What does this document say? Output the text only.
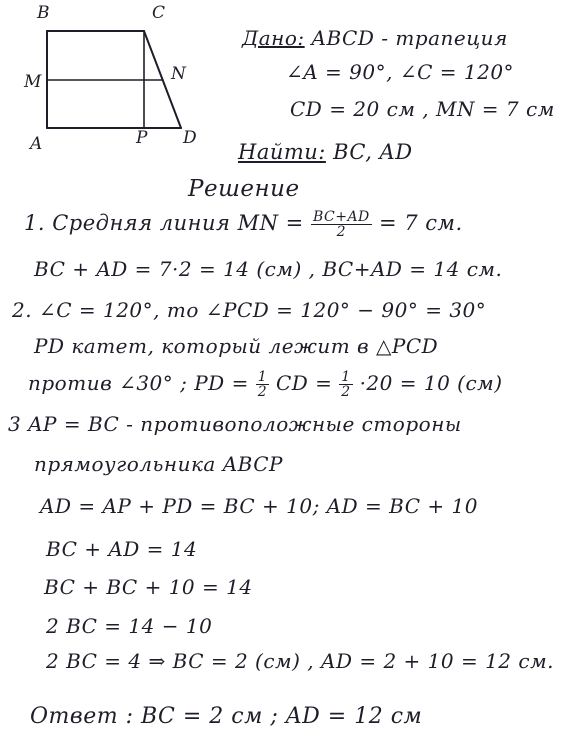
B	C
M	N
A	P D
Дано: ABCD - трапеция
∠A = 90°, ∠C = 120°
CD = 20 см , MN = 7 см
Найти: BC, AD
Решение
1. Средняя линия MN = $\frac{BC+AD}{2} = 7$ см.
BC + AD = 7·2 = 14 (см) , BC+AD = 14 см.
2. ∠C = 120°, то ∠PCD = 120° − 90° = 30°
PD катет, который лежит в △PCD
против ∠30° ; PD = $\frac{1}{2}$ CD = $\frac{1}{2} \cdot 20 = 10$ (см)
3 AP = BC - противоположные стороны
прямоугольника ABCP
AD = AP + PD = BC + 10; AD = BC + 10
BC + AD = 14
BC + BC + 10 = 14
2 BC = 14 − 10
2 BC = 4 ⇒ BC = 2 (см) , AD = 2 + 10 = 12 см.
Ответ : BC = 2 см ; AD = 12 см
